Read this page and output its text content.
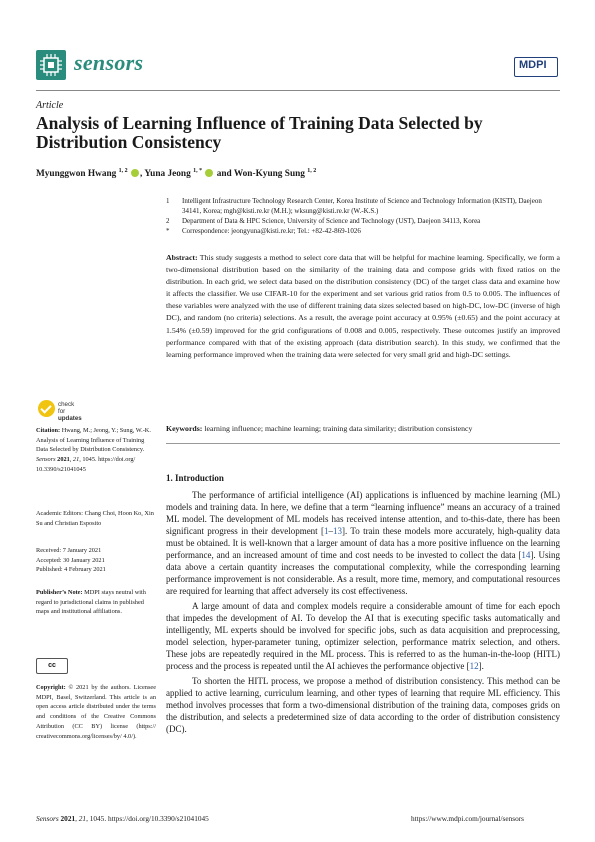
sensors	MDPI
Article
Analysis of Learning Influence of Training Data Selected by Distribution Consistency
Myunggwon Hwang $^{1, 2}$ , Yuna Jeong $^{1, *}$  and Won-Kyung Sung $^{1, 2}$
1 Intelligent Infrastructure Technology Research Center, Korea Institute of Science and Technology Information (KISTI), Daejeon 34141, Korea; mgh@kisti.re.kr (M.H.); wksung@kisti.re.kr (W.-K.S.)
2 Department of Data & HPC Science, University of Science and Technology (UST), Daejeon 34113, Korea
* Correspondence: jeongyuna@kisti.re.kr; Tel.: +82-42-869-1026
Abstract: This study suggests a method to select core data that will be helpful for machine learning. Specifically, we form a two-dimensional distribution based on the similarity of the training data and compose grids with fixed ratios on the distribution. In each grid, we select data based on the distribution consistency (DC) of the target class data and examine how it affects the classifier. We use CIFAR-10 for the experiment and set various grid ratios from 0.5 to 0.005. The influences of these variables were analyzed with the use of different training data sizes selected based on high-DC, low-DC (inverse of high DC), and random (no criteria) selections. As a result, the average point accuracy at 0.95% (±0.65) and the point accuracy at 1.54% (±0.59) improved for the grid configurations of 0.008 and 0.005, respectively. These outcomes justify an improved performance compared with that of the existing approach (data distribution search). In this study, we confirmed that the learning performance improved when the training data were selected for very small grid and high-DC settings.
Keywords: learning influence; machine learning; training data similarity; distribution consistency
1. Introduction

The performance of artificial intelligence (AI) applications is influenced by machine learning (ML) models and training data. In here, we define that a term “learning influence” means an accuracy of a trained ML model. The development of ML models has received intense attention, and to-this-date, there has been significant progress in their development [1–13]. To train these models more accurately, high-quality data must be obtained. It is well-known that a larger amount of data has a more positive influence on the learning performance, and an increased amount of time and cost needs to be invested to collect the data [14]. Using data above a certain quantity increases the computational complexity, while the corresponding learning performance improvement is not considerable. As a result, more time, memory, and computational resources are required for learning that affect adversely its cost effectiveness.

A large amount of data and complex models require a considerable amount of time for each epoch that impedes the development of AI. To develop the AI that is executing specific tasks automatically and intelligently, ML experts should be involved for specific jobs, such as data acquisition and preprocessing, model selection, hyper-parameter tuning, optimizer selection, performance matrix selection, and others. These jobs are repeatedly required in the ML process. This is referred to as the human-in-the-loop (HITL) process and the process is repeated until the AI achieves the performance objective [12].

To shorten the HITL process, we propose a method of distribution consistency. This method can be applied to active learning, curriculum learning, and other types of learning that require ML efficiency. This method involves processes that form a two-dimensional distribution of the training data, composes grids on the distribution, and selects a predetermined size of data according to the order of distribution consistency (DC).

check for
updates

Citation: Hwang, M.; Jeong, Y.; Sung, W.-K. Analysis of Learning Influence of Training Data Selected by Distribution Consistency. Sensors 2021, 21, 1045. https://doi.org/ 10.3390/s21041045

Academic Editors: Chang Choi, Hoon Ko, Xin Su and Christian Esposito

Received: 7 January 2021

Accepted: 30 January 2021

Published: 4 February 2021

Publisher’s Note: MDPI stays neutral with regard to jurisdictional claims in published maps and institutional affiliations.

cc

Copyright: © 2021 by the authors. Licensee MDPI, Basel, Switzerland. This article is an open access article distributed under the terms and conditions of the Creative Commons Attribution (CC BY) license (https:// creativecommons.org/licenses/by/ 4.0/).

Sensors 2021, 21, 1045. https://doi.org/10.3390/s21041045	https://www.mdpi.com/journal/sensors
